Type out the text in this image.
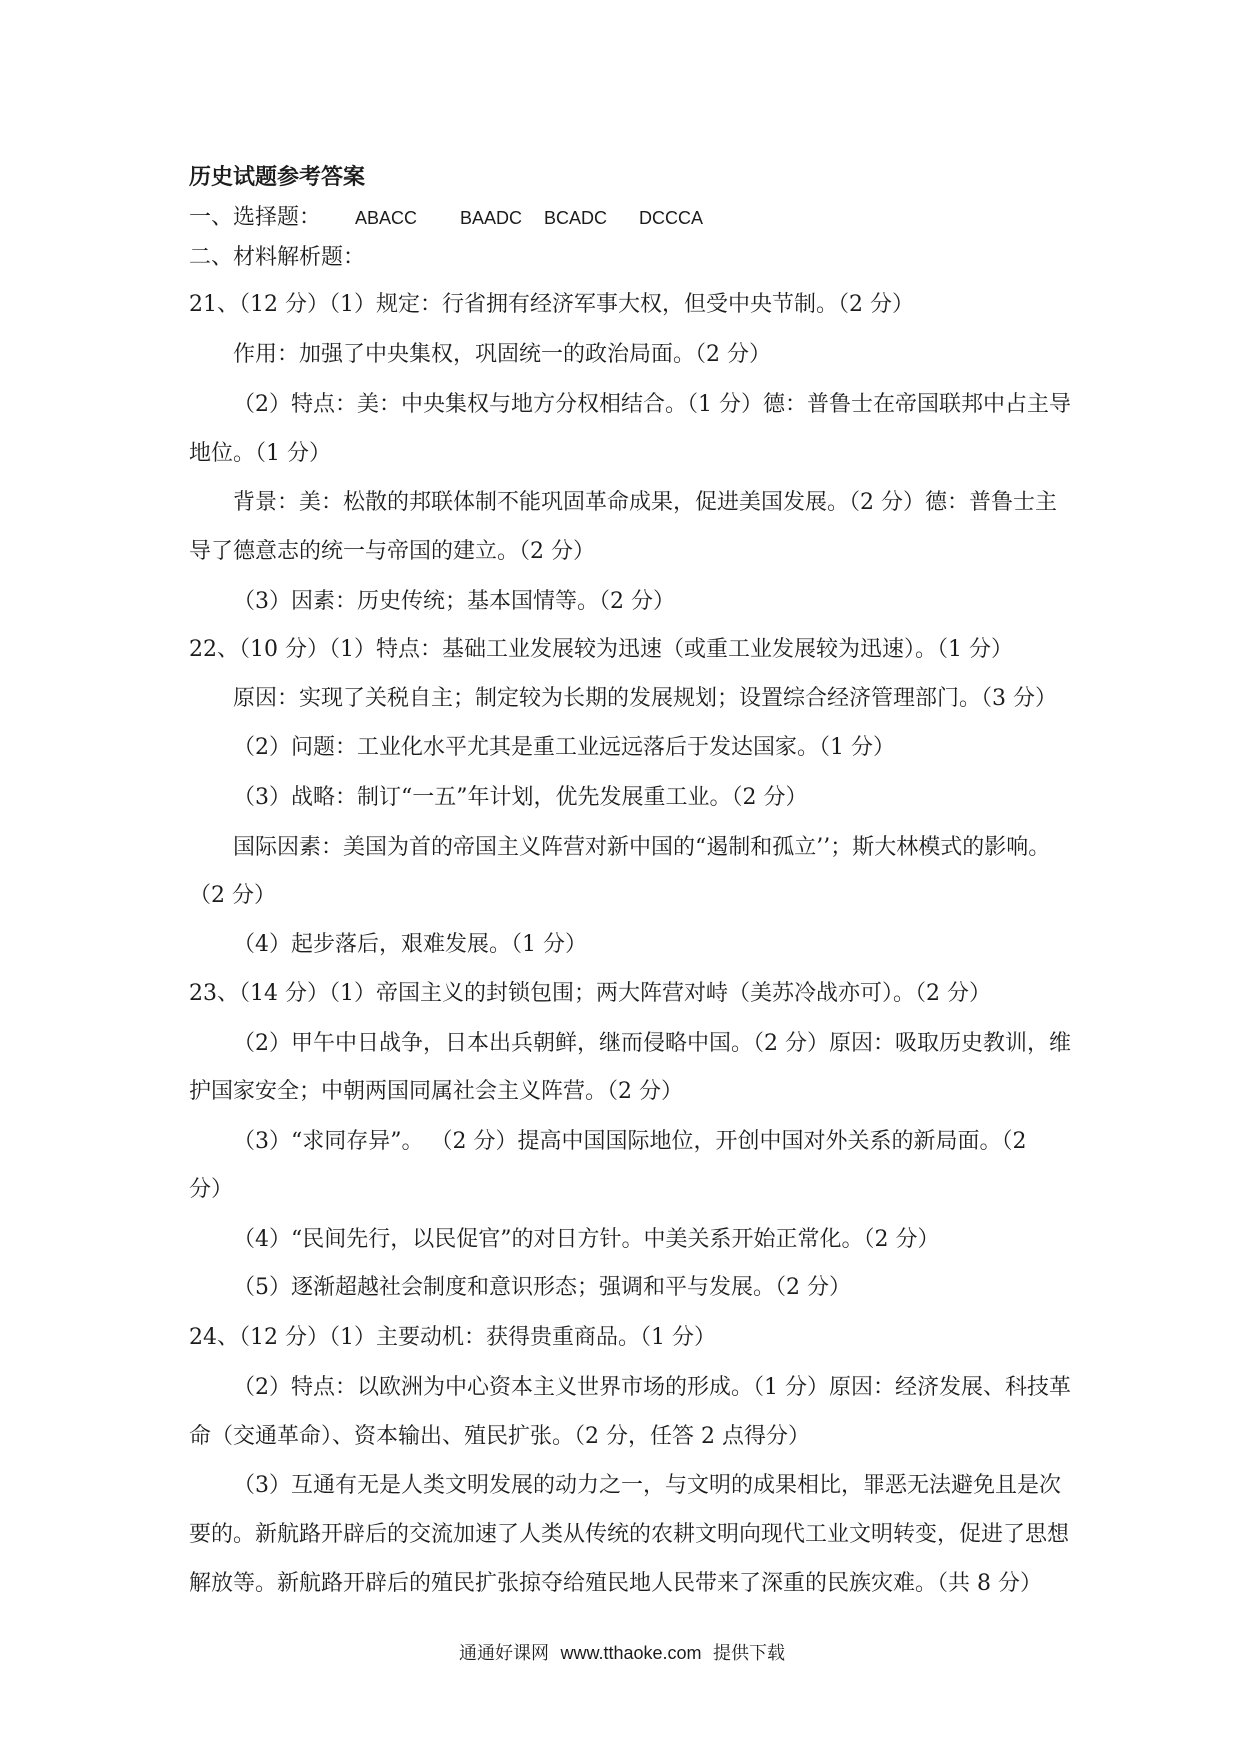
历史试题参考答案
一、选择题： ABACC BAADC BCADC DCCCA
二、材料解析题：
21、（12 分）（1）规定：行省拥有经济军事大权，但受中央节制。（2 分）
作用：加强了中央集权，巩固统一的政治局面。（2 分）
（2）特点：美：中央集权与地方分权相结合。（1 分）德：普鲁士在帝国联邦中占主导
地位。（1 分）
背景：美：松散的邦联体制不能巩固革命成果，促进美国发展。（2 分）德：普鲁士主
导了德意志的统一与帝国的建立。（2 分）
（3）因素：历史传统；基本国情等。（2 分）
22、（10 分）（1）特点：基础工业发展较为迅速（或重工业发展较为迅速）。（1 分）
原因：实现了关税自主；制定较为长期的发展规划；设置综合经济管理部门。（3 分）
（2）问题：工业化水平尤其是重工业远远落后于发达国家。（1 分）
（3）战略：制订“一五”年计划，优先发展重工业。（2 分）
国际因素：美国为首的帝国主义阵营对新中国的“遏制和孤立’’；斯大林模式的影响。
（2 分）
（4）起步落后，艰难发展。（1 分）
23、（14 分）（1）帝国主义的封锁包围；两大阵营对峙（美苏冷战亦可）。（2 分）
（2）甲午中日战争，日本出兵朝鲜，继而侵略中国。（2 分）原因：吸取历史教训，维
护国家安全；中朝两国同属社会主义阵营。（2 分）
（3）“求同存异”。 （2 分）提高中国国际地位，开创中国对外关系的新局面。（2
分）
（4）“民间先行，以民促官”的对日方针。中美关系开始正常化。（2 分）
（5）逐渐超越社会制度和意识形态；强调和平与发展。（2 分）
24、（12 分）（1）主要动机：获得贵重商品。（1 分）
（2）特点：以欧洲为中心资本主义世界市场的形成。（1 分）原因：经济发展、科技革
命（交通革命）、资本输出、殖民扩张。（2 分，任答 2 点得分）
（3）互通有无是人类文明发展的动力之一，与文明的成果相比，罪恶无法避免且是次
要的。新航路开辟后的交流加速了人类从传统的农耕文明向现代工业文明转变，促进了思想
解放等。新航路开辟后的殖民扩张掠夺给殖民地人民带来了深重的民族灾难。（共 8 分）
通通好课网 www.tthaoke.com 提供下载
